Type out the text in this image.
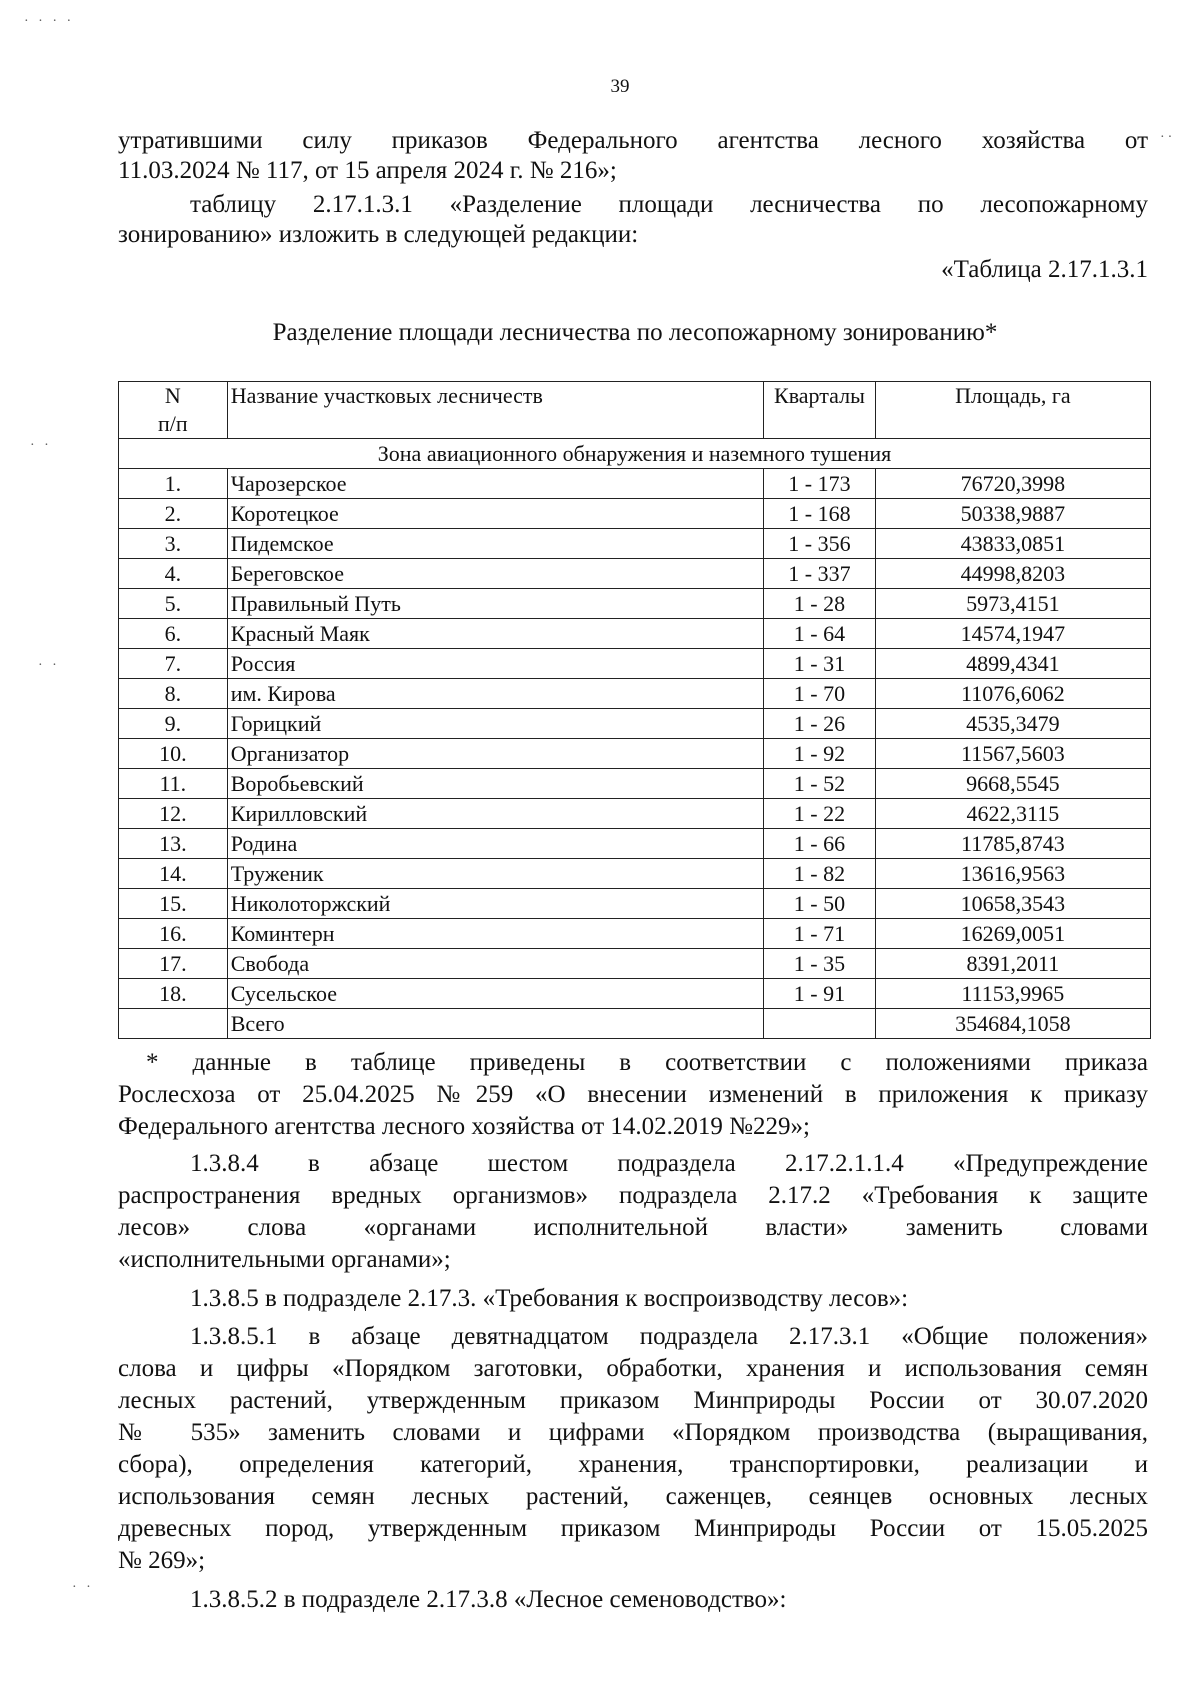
· · · ·
··
· ·
· ·
· ·
39
утратившими силу приказов Федерального агентства лесного хозяйства от
11.03.2024 № 117, от 15 апреля 2024 г. № 216»;
таблицу 2.17.1.3.1 «Разделение площади лесничества по лесопожарному
зонированию» изложить в следующей редакции:
«Таблица 2.17.1.3.1
Разделение площади лесничества по лесопожарному зонированию*
N
п/п	Название участковых лесничеств	Кварталы	Площадь, га
Зона авиационного обнаружения и наземного тушения			
1.	Чарозерское	1 - 173	76720,3998
2.	Коротецкое	1 - 168	50338,9887
3.	Пидемское	1 - 356	43833,0851
4.	Береговское	1 - 337	44998,8203
5.	Правильный Путь	1 - 28	5973,4151
6.	Красный Маяк	1 - 64	14574,1947
7.	Россия	1 - 31	4899,4341
8.	им. Кирова	1 - 70	11076,6062
9.	Горицкий	1 - 26	4535,3479
10.	Организатор	1 - 92	11567,5603
11.	Воробьевский	1 - 52	9668,5545
12.	Кирилловский	1 - 22	4622,3115
13.	Родина	1 - 66	11785,8743
14.	Труженик	1 - 82	13616,9563
15.	Николоторжский	1 - 50	10658,3543
16.	Коминтерн	1 - 71	16269,0051
17.	Свобода	1 - 35	8391,2011
18.	Сусельское	1 - 91	11153,9965
	Всего		354684,1058
* данные в таблице приведены в соответствии с положениями приказа
Рослесхоза от 25.04.2025 №259 «О внесении изменений в приложения к приказу
Федерального агентства лесного хозяйства от 14.02.2019 №229»;
1.3.8.4 в абзаце шестом подраздела 2.17.2.1.1.4 «Предупреждение
распространения вредных организмов» подраздела 2.17.2 «Требования к защите
лесов» слова «органами исполнительной власти» заменить словами
«исполнительными органами»;
1.3.8.5 в подразделе 2.17.3. «Требования к воспроизводству лесов»:
1.3.8.5.1 в абзаце девятнадцатом подраздела 2.17.3.1 «Общие положения»
слова и цифры «Порядком заготовки, обработки, хранения и использования семян
лесных растений, утвержденным приказом Минприроды России от 30.07.2020
№ 535» заменить словами и цифрами «Порядком производства (выращивания,
сбора), определения категорий, хранения, транспортировки, реализации и
использования семян лесных растений, саженцев, сеянцев основных лесных
древесных пород, утвержденным приказом Минприроды России от 15.05.2025
№ 269»;
1.3.8.5.2 в подразделе 2.17.3.8 «Лесное семеноводство»:
